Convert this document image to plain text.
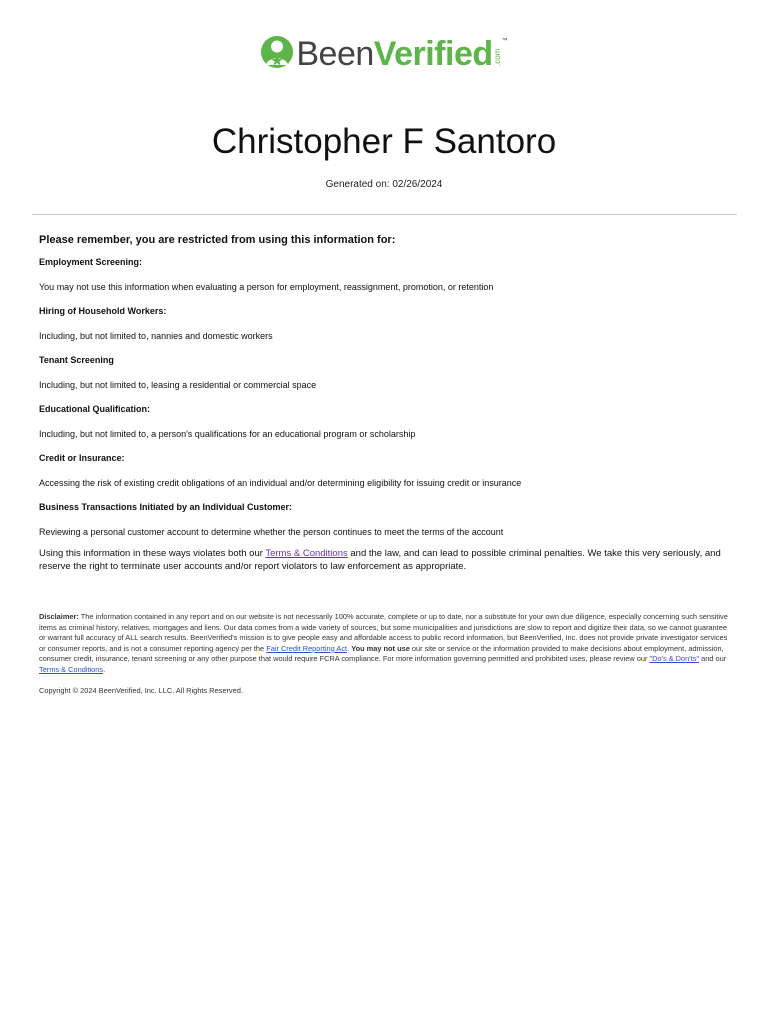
BeenVerified .com
™
Christopher F Santoro
Generated on: 02/26/2024

Please remember, you are restricted from using this information for:

Employment Screening:

You may not use this information when evaluating a person for employment, reassignment, promotion, or retention

Hiring of Household Workers:

Including, but not limited to, nannies and domestic workers

Tenant Screening

Including, but not limited to, leasing a residential or commercial space

Educational Qualification:

Including, but not limited to, a person's qualifications for an educational program or scholarship

Credit or Insurance:

Accessing the risk of existing credit obligations of an individual and/or determining eligibility for issuing credit or insurance

Business Transactions Initiated by an Individual Customer:

Reviewing a personal customer account to determine whether the person continues to meet the terms of the account

Using this information in these ways violates both our Terms & Conditions and the law, and can lead to possible criminal penalties. We take this very seriously, and reserve the right to terminate user accounts and/or report violators to law enforcement as appropriate.
Disclaimer: The information contained in any report and on our website is not necessarily 100% accurate, complete or up to date, nor a substitute for your own due diligence, especially concerning such sensitive items as criminal history, relatives, mortgages and liens. Our data comes from a wide variety of sources, but some municipalities and jurisdictions are slow to report and digitize their data, so we cannot guarantee or warrant full accuracy of ALL search results. BeenVerified's mission is to give people easy and affordable access to public record information, but BeenVerified, Inc. does not provide private investigator services or consumer reports, and is not a consumer reporting agency per the Fair Credit Reporting Act. You may not use our site or service or the information provided to make decisions about employment, admission, consumer credit, insurance, tenant screening or any other purpose that would require FCRA compliance. For more information governing permitted and prohibited uses, please review our "Do's & Don'ts" and our Terms & Conditions.
Copyright © 2024 BeenVerified, Inc. LLC. All Rights Reserved.
